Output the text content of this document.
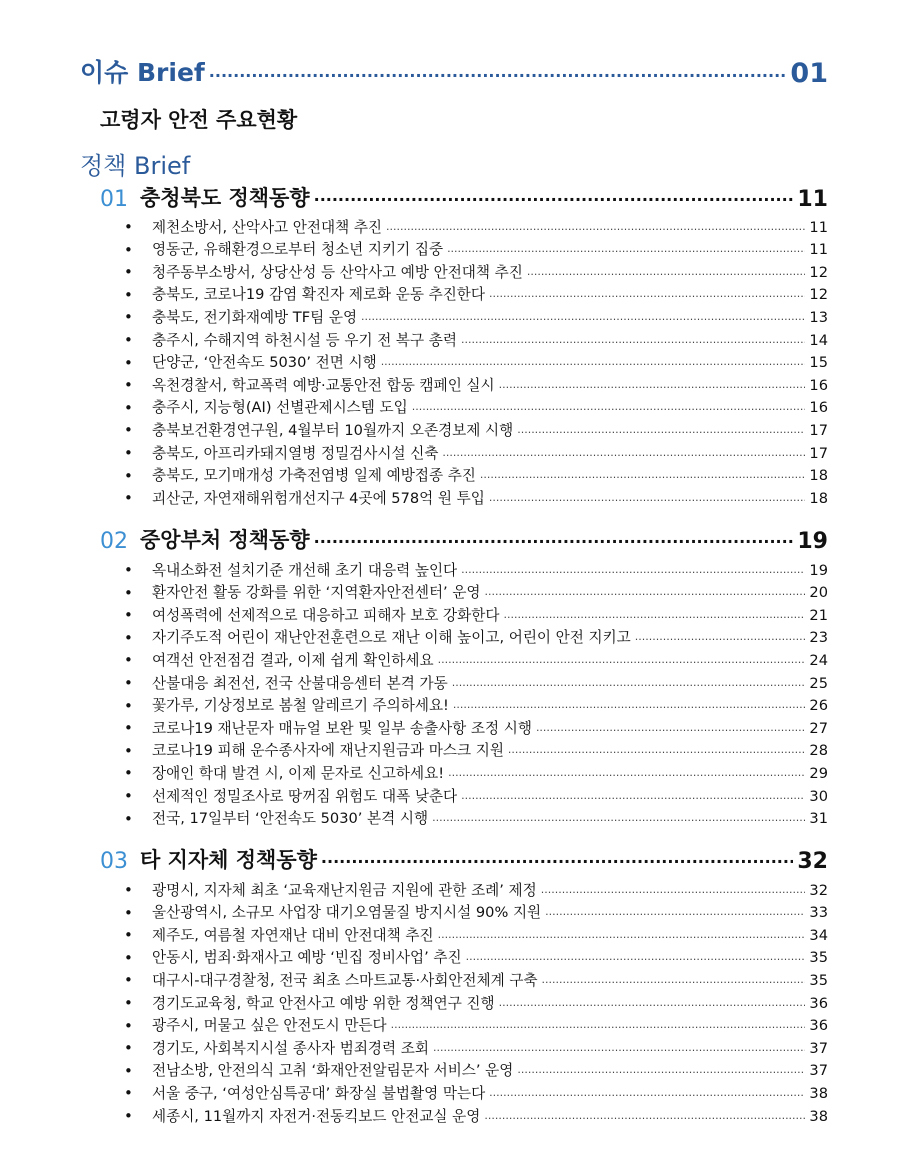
이슈 Brief ·····	01
고령자 안전 주요현황
정책 Brief
01 충청북도 정책동향 ·····	11
• 제천소방서, 산악사고 안전대책 추진 ·····	11
• 영동군, 유해환경으로부터 청소년 지키기 집중 ·····	11
• 청주동부소방서, 상당산성 등 산악사고 예방 안전대책 추진 ·····	12
• 충북도, 코로나19 감염 확진자 제로화 운동 추진한다 ·····	12
• 충북도, 전기화재예방 TF팀 운영 ·····	13
• 충주시, 수해지역 하천시설 등 우기 전 복구 총력 ·····	14
• 단양군, ‘안전속도 5030’ 전면 시행 ·····	15
• 옥천경찰서, 학교폭력 예방·교통안전 합동 캠페인 실시 ·····	16
• 충주시, 지능형(AI) 선별관제시스템 도입 ·····	16
• 충북보건환경연구원, 4월부터 10월까지 오존경보제 시행 ·····	17
• 충북도, 아프리카돼지열병 정밀검사시설 신축 ·····	17
• 충북도, 모기매개성 가축전염병 일제 예방접종 추진 ·····	18
• 괴산군, 자연재해위험개선지구 4곳에 578억 원 투입 ·····	18
02 중앙부처 정책동향 ·····	19
• 옥내소화전 설치기준 개선해 초기 대응력 높인다 ·····	19
• 환자안전 활동 강화를 위한 ‘지역환자안전센터’ 운영 ·····	20
• 여성폭력에 선제적으로 대응하고 피해자 보호 강화한다 ·····	21
• 자기주도적 어린이 재난안전훈련으로 재난 이해 높이고, 어린이 안전 지키고 ·····	23
• 여객선 안전점검 결과, 이제 쉽게 확인하세요 ·····	24
• 산불대응 최전선, 전국 산불대응센터 본격 가동 ·····	25
• 꽃가루, 기상정보로 봄철 알레르기 주의하세요! ·····	26
• 코로나19 재난문자 매뉴얼 보완 및 일부 송출사항 조정 시행 ·····	27
• 코로나19 피해 운수종사자에 재난지원금과 마스크 지원 ·····	28
• 장애인 학대 발견 시, 이제 문자로 신고하세요! ·····	29
• 선제적인 정밀조사로 땅꺼짐 위험도 대폭 낮춘다 ·····	30
• 전국, 17일부터 ‘안전속도 5030’ 본격 시행 ·····	31
03 타 지자체 정책동향 ·····	32
• 광명시, 지자체 최초 ‘교육재난지원금 지원에 관한 조례’ 제정 ·····	32
• 울산광역시, 소규모 사업장 대기오염물질 방지시설 90% 지원 ·····	33
• 제주도, 여름철 자연재난 대비 안전대책 추진 ·····	34
• 안동시, 범죄·화재사고 예방 ‘빈집 정비사업’ 추진 ·····	35
• 대구시-대구경찰청, 전국 최초 스마트교통·사회안전체계 구축 ·····	35
• 경기도교육청, 학교 안전사고 예방 위한 정책연구 진행 ·····	36
• 광주시, 머물고 싶은 안전도시 만든다 ·····	36
• 경기도, 사회복지시설 종사자 범죄경력 조회 ·····	37
• 전남소방, 안전의식 고취 ‘화재안전알림문자 서비스’ 운영 ·····	37
• 서울 중구, ‘여성안심특공대’ 화장실 불법촬영 막는다 ·····	38
• 세종시, 11월까지 자전거·전동킥보드 안전교실 운영 ·····	38
